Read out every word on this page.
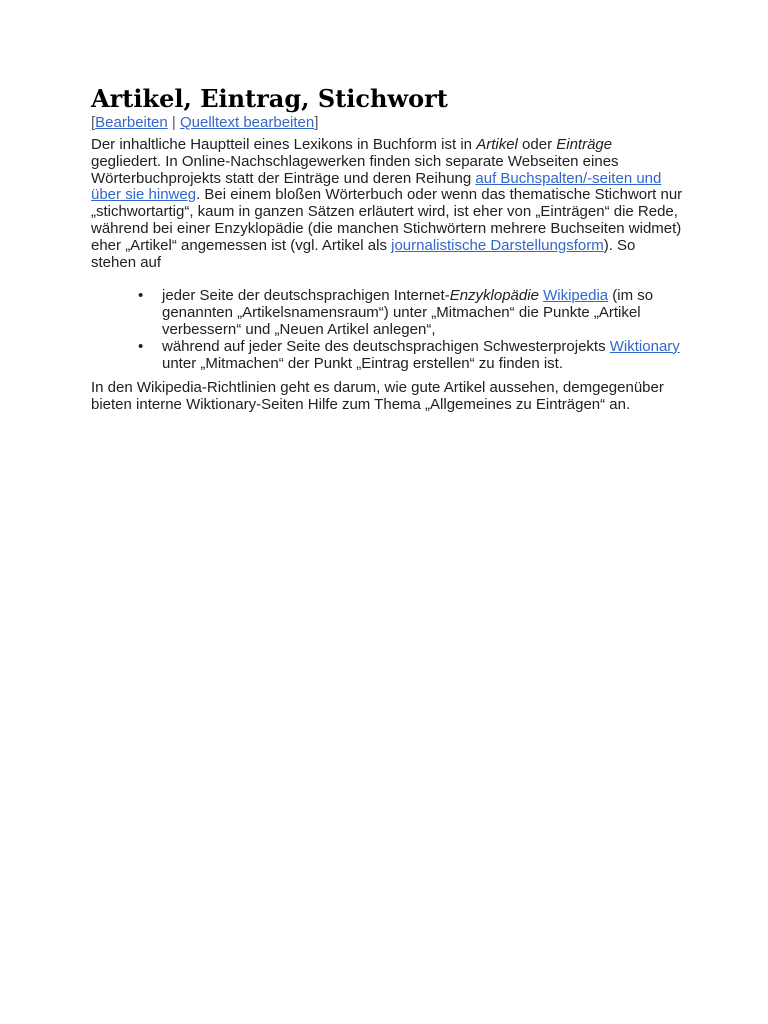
Artikel, Eintrag, Stichwort
[Bearbeiten | Quelltext bearbeiten]

Der inhaltliche Hauptteil eines Lexikons in Buchform ist in Artikel oder Einträge gegliedert. In Online-Nachschlagewerken finden sich separate Webseiten eines Wörterbuchprojekts statt der Einträge und deren Reihung auf Buchspalten/-seiten und über sie hinweg. Bei einem bloßen Wörterbuch oder wenn das thematische Stichwort nur „stichwortartig“, kaum in ganzen Sätzen erläutert wird, ist eher von „Einträgen“ die Rede, während bei einer Enzyklopädie (die manchen Stichwörtern mehrere Buchseiten widmet) eher „Artikel“ angemessen ist (vgl. Artikel als journalistische Darstellungsform). So stehen auf

• jeder Seite der deutschsprachigen Internet-Enzyklopädie Wikipedia (im so genannten „Artikelsnamensraum“) unter „Mitmachen“ die Punkte „Artikel verbessern“ und „Neuen Artikel anlegen“,
• während auf jeder Seite des deutschsprachigen Schwesterprojekts Wiktionary unter „Mitmachen“ der Punkt „Eintrag erstellen“ zu finden ist.

In den Wikipedia-Richtlinien geht es darum, wie gute Artikel aussehen, demgegenüber bieten interne Wiktionary-Seiten Hilfe zum Thema „Allgemeines zu Einträgen“ an.
